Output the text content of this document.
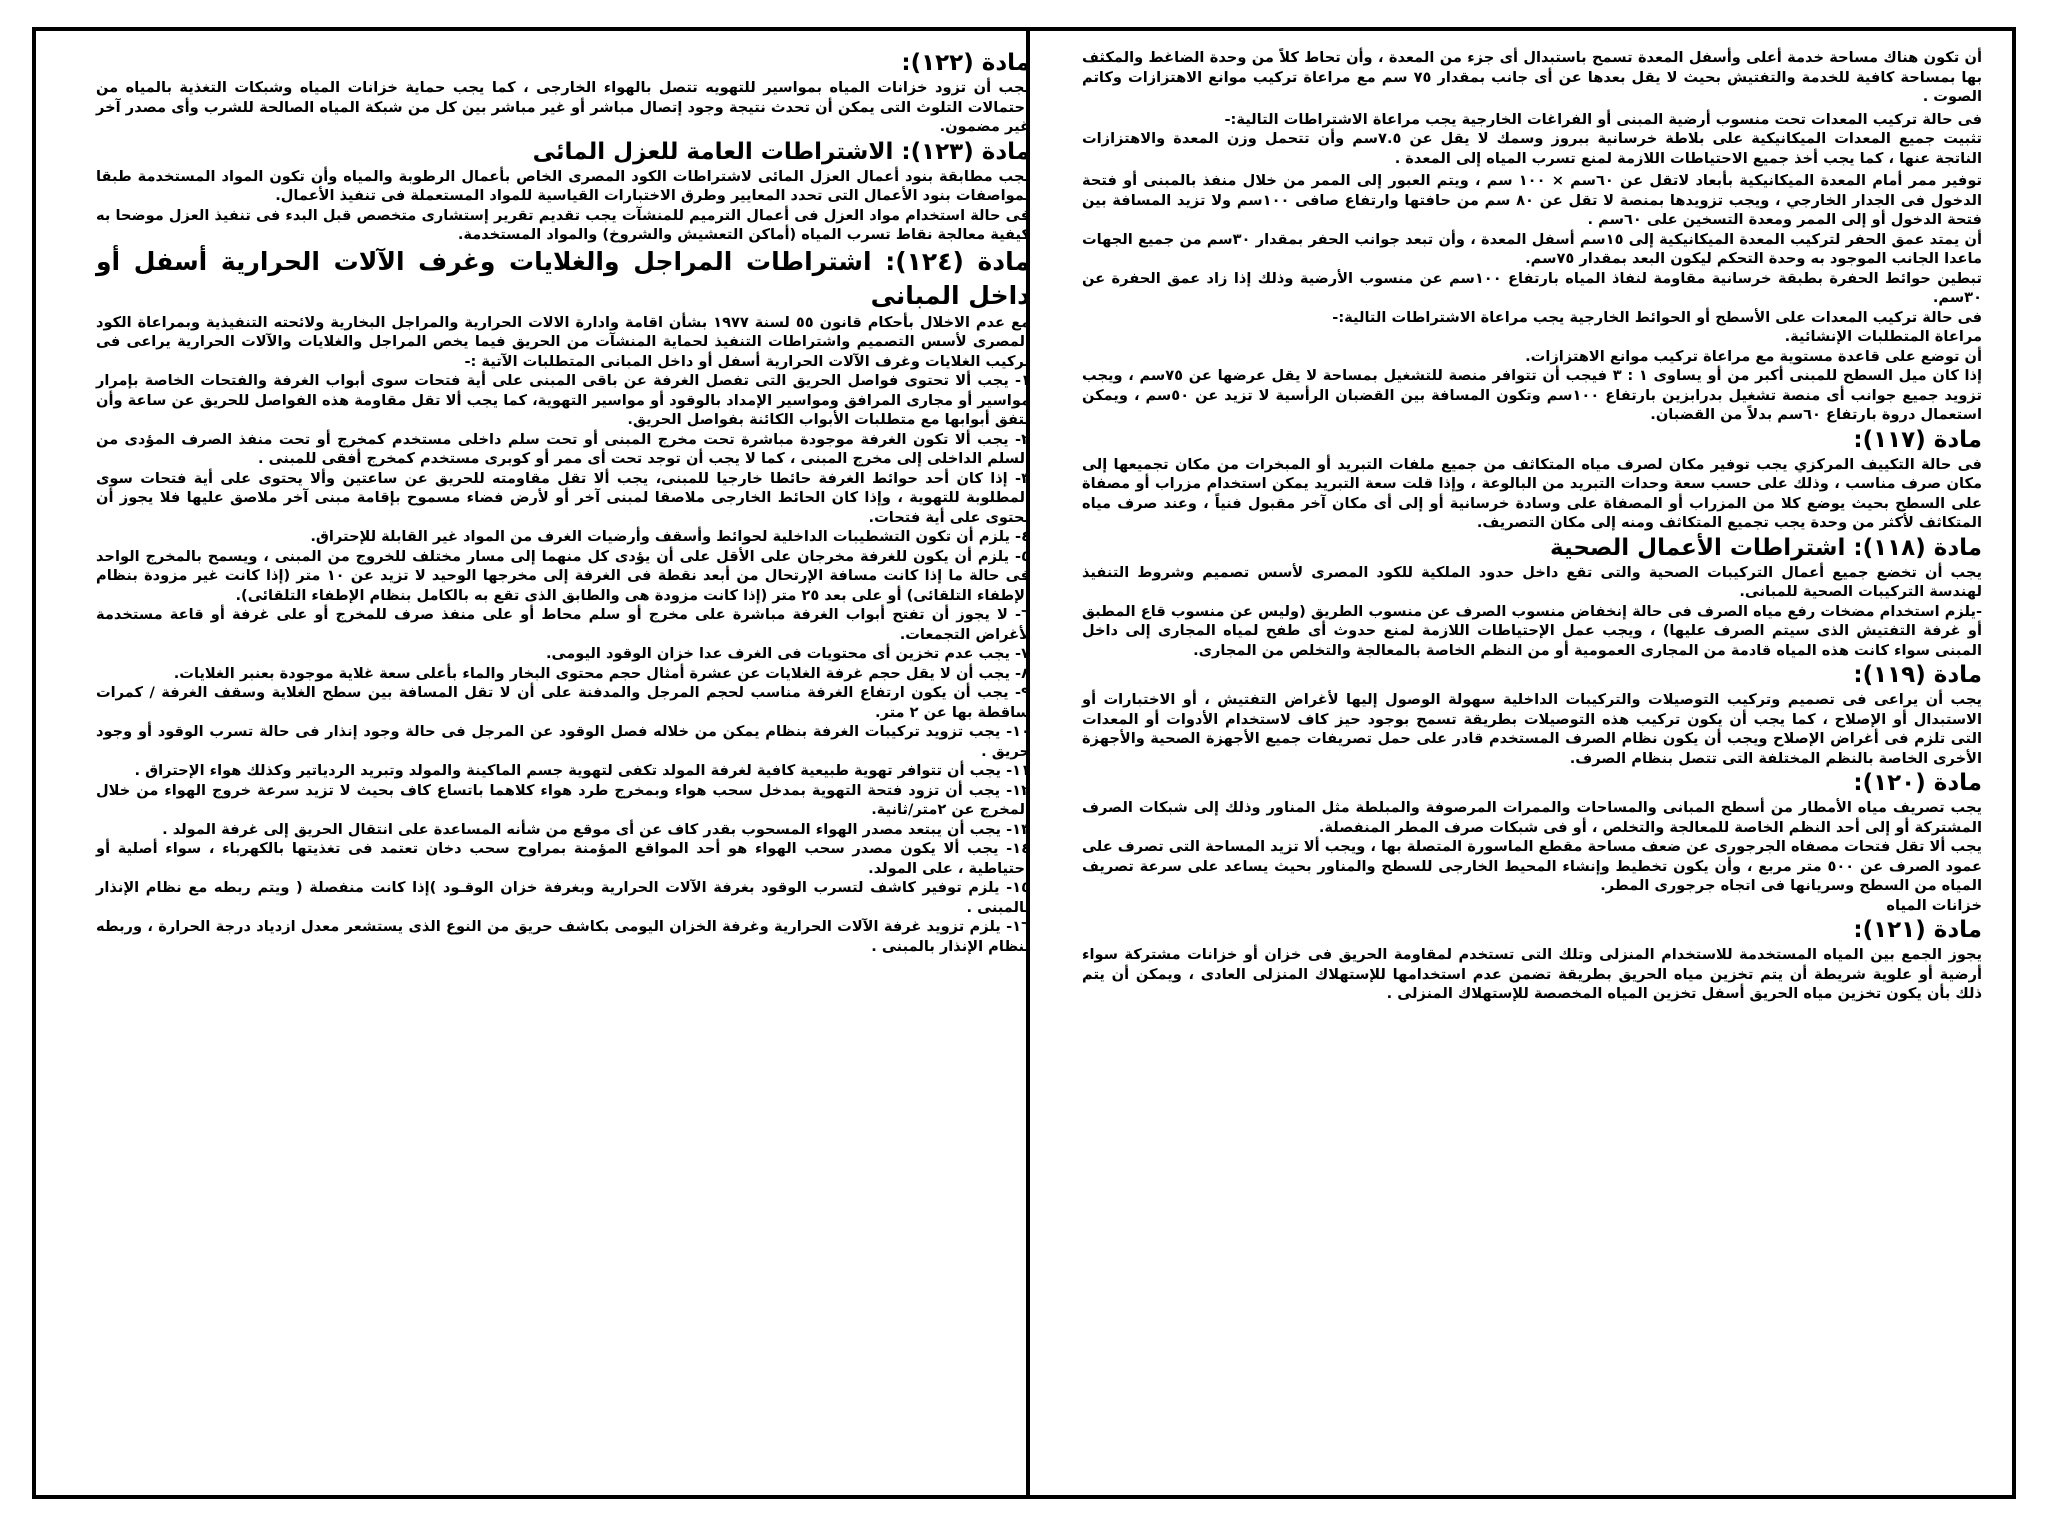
أن تكون هناك مساحة خدمة أعلى وأسفل المعدة تسمح باستبدال أى جزء من المعدة ، وأن تحاط كلاً من وحدة الضاغط والمكثف بها بمساحة كافية للخدمة والتفتيش بحيث لا يقل بعدها عن أى جانب بمقدار ٧٥ سم مع مراعاة تركيب موانع الاهتزازات وكاتم الصوت .

فى حالة تركيب المعدات تحت منسوب أرضية المبنى أو الفراغات الخارجية يجب مراعاة الاشتراطات التالية:-

تثبيت جميع المعدات الميكانيكية على بلاطة خرسانية ببروز وسمك لا يقل عن ٧.٥سم وأن تتحمل وزن المعدة والاهتزازات الناتجة عنها ، كما يجب أخذ جميع الاحتياطات اللازمة لمنع تسرب المياه إلى المعدة .

توفير ممر أمام المعدة الميكانيكية بأبعاد لاتقل عن ٦٠سم × ١٠٠ سم ، ويتم العبور إلى الممر من خلال منفذ بالمبنى أو فتحة الدخول فى الجدار الخارجي ، ويجب تزويدها بمنصة لا تقل عن ٨٠ سم من حافتها وارتفاع صافى ١٠٠سم ولا تزيد المسافة بين فتحة الدخول أو إلى الممر ومعدة التسخين على ٦٠سم .

أن يمتد عمق الحفر لتركيب المعدة الميكانيكية إلى ١٥سم أسفل المعدة ، وأن تبعد جوانب الحفر بمقدار ٣٠سم من جميع الجهات ماعدا الجانب الموجود به وحدة التحكم ليكون البعد بمقدار ٧٥سم.

تبطين حوائط الحفرة بطبقة خرسانية مقاومة لنفاذ المياه بارتفاع ١٠٠سم عن منسوب الأرضية وذلك إذا زاد عمق الحفرة عن ٣٠سم.

فى حالة تركيب المعدات على الأسطح أو الحوائط الخارجية يجب مراعاة الاشتراطات التالية:-

مراعاة المتطلبات الإنشائية.

أن توضع على قاعدة مستوية مع مراعاة تركيب موانع الاهتزازات.

إذا كان ميل السطح للمبنى أكبر من أو يساوى ١ : ٣ فيجب أن تتوافر منصة للتشغيل بمساحة لا يقل عرضها عن ٧٥سم ، ويجب تزويد جميع جوانب أى منصة تشغيل بدرابزين بارتفاع ١٠٠سم وتكون المسافة بين القضبان الرأسية لا تزيد عن ٥٠سم ، ويمكن استعمال دروة بارتفاع ٦٠سم بدلاً من القضبان.

مادة (١١٧):

فى حالة التكييف المركزي يجب توفير مكان لصرف مياه المتكاثف من جميع ملفات التبريد أو المبخرات من مكان تجميعها إلى مكان صرف مناسب ، وذلك على حسب سعة وحدات التبريد من البالوعة ، وإذا قلت سعة التبريد يمكن استخدام مزراب أو مصفاة على السطح بحيث يوضع كلا من المزراب أو المصفاة على وسادة خرسانية أو إلى أى مكان آخر مقبول فنياً ، وعند صرف مياه المتكاثف لأكثر من وحدة يجب تجميع المتكاثف ومنه إلى مكان التصريف.

مادة (١١٨): اشتراطات الأعمال الصحية

يجب أن تخضع جميع أعمال التركيبات الصحية والتى تقع داخل حدود الملكية للكود المصرى لأسس تصميم وشروط التنفيذ لهندسة التركيبات الصحية للمبانى.

-يلزم استخدام مضخات رفع مياه الصرف فى حالة إنخفاض منسوب الصرف عن منسوب الطريق (وليس عن منسوب قاع المطبق أو غرفة التفتيش الذى سيتم الصرف عليها) ، ويجب عمل الإحتياطات اللازمة لمنع حدوث أى طفح لمياه المجارى إلى داخل المبنى سواء كانت هذه المياه قادمة من المجارى العمومية أو من النظم الخاصة بالمعالجة والتخلص من المجارى.

مادة (١١٩):

يجب أن يراعى فى تصميم وتركيب التوصيلات والتركيبات الداخلية سهولة الوصول إليها لأغراض التفتيش ، أو الاختبارات أو الاستبدال أو الإصلاح ، كما يجب أن يكون تركيب هذه التوصيلات بطريقة تسمح بوجود حيز كاف لاستخدام الأدوات أو المعدات التى تلزم فى أغراض الإصلاح ويجب أن يكون نظام الصرف المستخدم قادر على حمل تصريفات جميع الأجهزة الصحية والأجهزة الأخرى الخاصة بالنظم المختلفة التى تتصل بنظام الصرف.

مادة (١٢٠):

يجب تصريف مياه الأمطار من أسطح المبانى والمساحات والممرات المرصوفة والمبلطة مثل المناور وذلك إلى شبكات الصرف المشتركة أو إلى أحد النظم الخاصة للمعالجة والتخلص ، أو فى شبكات صرف المطر المنفصلة.

يجب ألا تقل فتحات مصفاه الجرجورى عن ضعف مساحة مقطع الماسورة المتصلة بها ، ويجب ألا تزيد المساحة التى تصرف على عمود الصرف عن ٥٠٠ متر مربع ، وأن يكون تخطيط وإنشاء المحيط الخارجى للسطح والمناور بحيث يساعد على سرعة تصريف المياه من السطح وسريانها فى اتجاه جرجورى المطر.

خزانات المياه

مادة (١٢١):

يجوز الجمع بين المياه المستخدمة للاستخدام المنزلى وتلك التى تستخدم لمقاومة الحريق فى خزان أو خزانات مشتركة سواء أرضية أو علوية شريطة أن يتم تخزين مياه الحريق بطريقة تضمن عدم استخدامها للإستهلاك المنزلى العادى ، ويمكن أن يتم ذلك بأن يكون تخزين مياه الحريق أسفل تخزين المياه المخصصة للإستهلاك المنزلى .

مادة (١٢٢):

يجب أن تزود خزانات المياه بمواسير للتهويه تتصل بالهواء الخارجى ، كما يجب حماية خزانات المياه وشبكات التغذية بالمياه من إحتمالات التلوث التى يمكن أن تحدث نتيجة وجود إتصال مباشر أو غير مباشر بين كل من شبكة المياه الصالحة للشرب وأى مصدر آخر غير مضمون.

مادة (١٢٣): الاشتراطات العامة للعزل المائى

يجب مطابقة بنود أعمال العزل المائى لاشتراطات الكود المصرى الخاص بأعمال الرطوبة والمياه وأن تكون المواد المستخدمة طبقا لمواصفات بنود الأعمال التى تحدد المعايير وطرق الاختبارات القياسية للمواد المستعملة فى تنفيذ الأعمال.

فى حالة استخدام مواد العزل فى أعمال الترميم للمنشآت يجب تقديم تقرير إستشارى متخصص قبل البدء فى تنفيذ العزل موضحا به كيفية معالجة نقاط تسرب المياه (أماكن التعشيش والشروخ) والمواد المستخدمة.

مادة (١٢٤): اشتراطات المراجل والغلايات وغرف الآلات الحرارية أسفل أو داخل المبانى

مع عدم الاخلال بأحكام قانون ٥٥ لسنة ١٩٧٧ بشأن اقامة وادارة الالات الحرارية والمراجل البخارية ولائحته التنفيذية وبمراعاة الكود المصرى لأسس التصميم واشتراطات التنفيذ لحماية المنشآت من الحريق فيما يخص المراجل والغلايات والآلات الحرارية يراعى فى تركيب الغلايات وغرف الآلات الحرارية أسفل أو داخل المبانى المتطلبات الآتية :-

١- يجب ألا تحتوى فواصل الحريق التى تفصل الغرفة عن باقى المبنى على أية فتحات سوى أبواب الغرفة والفتحات الخاصة بإمرار مواسير أو مجارى المرافق ومواسير الإمداد بالوقود أو مواسير التهوية، كما يجب ألا تقل مقاومة هذه الفواصل للحريق عن ساعة وأن تتفق أبوابها مع متطلبات الأبواب الكائنة بفواصل الحريق.

٢- يجب ألا تكون الغرفة موجودة مباشرة تحت مخرج المبنى أو تحت سلم داخلى مستخدم كمخرج أو تحت منفذ الصرف المؤدى من السلم الداخلى إلى مخرج المبنى ، كما لا يجب أن توجد تحت أى ممر أو كوبرى مستخدم كمخرج أفقى للمبنى .

٣- إذا كان أحد حوائط الغرفة حائطا خارجيا للمبنى، يجب ألا تقل مقاومته للحريق عن ساعتين وألا يحتوى على أية فتحات سوى المطلوبة للتهوية ، وإذا كان الحائط الخارجى ملاصقا لمبنى آخر أو لأرض فضاء مسموح بإقامة مبنى آخر ملاصق عليها فلا يجوز أن يحتوى على أية فتحات.

٤- يلزم أن تكون التشطيبات الداخلية لحوائط وأسقف وأرضيات الغرف من المواد غير القابلة للإحتراق.

٥- يلزم أن يكون للغرفة مخرجان على الأقل على أن يؤدى كل منهما إلى مسار مختلف للخروج من المبنى ، ويسمح بالمخرج الواحد فى حالة ما إذا كانت مسافة الإرتحال من أبعد نقطة فى الغرفة إلى مخرجها الوحيد لا تزيد عن ١٠ متر (إذا كانت غير مزودة بنظام الإطفاء التلقائى) أو على بعد ٢٥ متر (إذا كانت مزودة هى والطابق الذى تقع به بالكامل بنظام الإطفاء التلقائى).

٦- لا يجوز أن تفتح أبواب الغرفة مباشرة على مخرج أو سلم محاط أو على منفذ صرف للمخرج أو على غرفة أو قاعة مستخدمة لأغراض التجمعات.

٧- يجب عدم تخزين أى محتويات فى الغرف عدا خزان الوقود اليومى.

٨- يجب أن لا يقل حجم غرفة الغلايات عن عشرة أمثال حجم محتوى البخار والماء بأعلى سعة غلاية موجودة بعنبر الغلايات.

٩- يجب أن يكون ارتفاع الغرفة مناسب لحجم المرجل والمدفنة على أن لا تقل المسافة بين سطح الغلاية وسقف الغرفة / كمرات ساقطة بها عن ٢ متر.

١٠- يجب تزويد تركيبات الغرفة بنظام يمكن من خلاله فصل الوقود عن المرجل فى حالة وجود إنذار فى حالة تسرب الوقود أو وجود حريق .

١١- يجب أن تتوافر تهوية طبيعية كافية لغرفة المولد تكفى لتهوية جسم الماكينة والمولد وتبريد الردياتير وكذلك هواء الإحتراق .

١٢- يجب أن تزود فتحة التهوية بمدخل سحب هواء وبمخرج طرد هواء كلاهما باتساع كاف بحيث لا تزيد سرعة خروج الهواء من خلال المخرج عن ٢متر/ثانية.

١٣- يجب أن يبتعد مصدر الهواء المسحوب بقدر كاف عن أى موقع من شأنه المساعدة على انتقال الحريق إلى غرفة المولد .

١٤- يجب ألا يكون مصدر سحب الهواء هو أحد المواقع المؤمنة بمراوح سحب دخان تعتمد فى تغذيتها بالكهرباء ، سواء أصلية أو احتياطية ، على المولد.

١٥- يلزم توفير كاشف لتسرب الوقود بغرفة الآلات الحرارية وبغرفة خزان الوقـود )إذا كانت منفصلة ( ويتم ربطه مع نظام الإنذار بالمبنى .

١٦- يلزم تزويد غرفة الآلات الحرارية وغرفة الخزان اليومى بكاشف حريق من النوع الذى يستشعر معدل ازدياد درجة الحرارة ، وربطه بنظام الإنذار بالمبنى .
